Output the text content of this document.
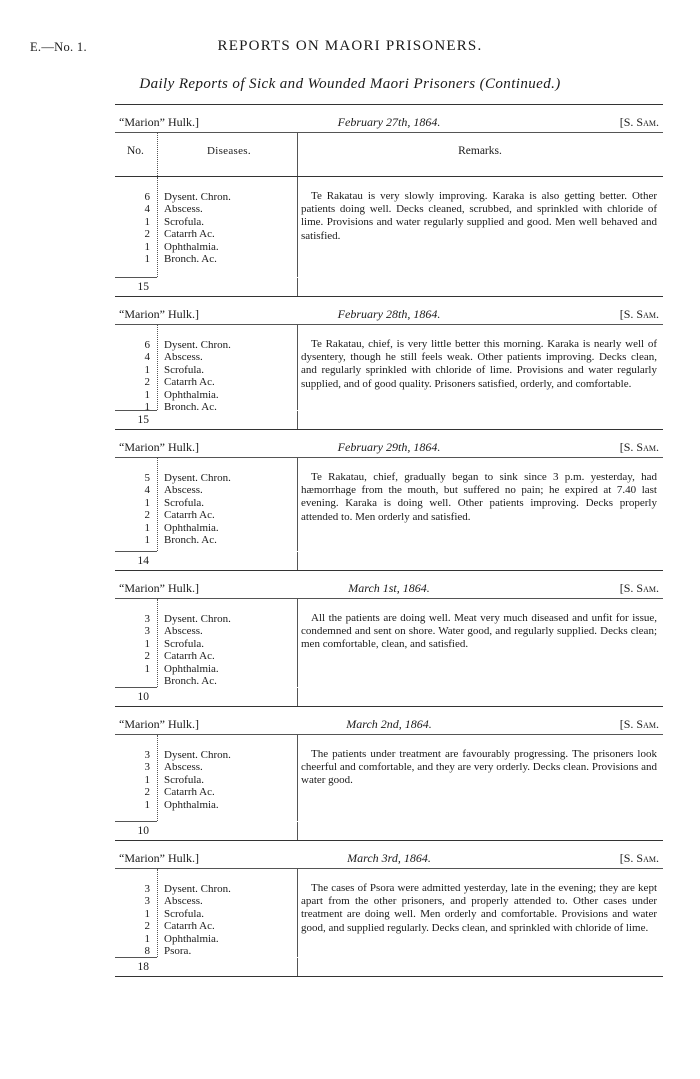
E.—No. 1.	REPORTS ON MAORI PRISONERS.
Daily Reports of Sick and Wounded Maori Prisoners (Continued.)
“Marion” Hulk.]	February 27th, 1864.	[S. Sam.
No.	Diseases.	Remarks.
6 Dysent. Chron.
4 Abscess.
1 Scrofula.
2 Catarrh Ac.
1 Ophthalmia.
1 Bronch. Ac.
Te Rakatau is very slowly improving. Karaka is also getting better. Other patients doing well. Decks cleaned, scrubbed, and sprinkled with chloride of lime. Provisions and water regularly supplied and good. Men well behaved and satisfied.
15
“Marion” Hulk.]	February 28th, 1864.	[S. Sam.
6 Dysent. Chron.
4 Abscess.
1 Scrofula.
2 Catarrh Ac.
1 Ophthalmia.
1 Bronch. Ac.
Te Rakatau, chief, is very little better this morning. Karaka is nearly well of dysentery, though he still feels weak. Other patients improving. Decks clean, and regularly sprinkled with chloride of lime. Provisions and water regularly supplied, and of good quality. Prisoners satisfied, orderly, and comfortable.
15
“Marion” Hulk.]	February 29th, 1864.	[S. Sam.
5 Dysent. Chron.
4 Abscess.
1 Scrofula.
2 Catarrh Ac.
1 Ophthalmia.
1 Bronch. Ac.
Te Rakatau, chief, gradually began to sink since 3 p.m. yesterday, had hæmorrhage from the mouth, but suffered no pain; he expired at 7.40 last evening. Karaka is doing well. Other patients improving. Decks properly attended to. Men orderly and satisfied.
14
“Marion” Hulk.]	March 1st, 1864.	[S. Sam.
3 Dysent. Chron.
3 Abscess.
1 Scrofula.
2 Catarrh Ac.
1 Ophthalmia.
Bronch. Ac.
All the patients are doing well. Meat very much diseased and unfit for issue, condemned and sent on shore. Water good, and regularly supplied. Decks clean; men comfortable, clean, and satisfied.
10
“Marion” Hulk.]	March 2nd, 1864.	[S. Sam.
3 Dysent. Chron.
3 Abscess.
1 Scrofula.
2 Catarrh Ac.
1 Ophthalmia.
The patients under treatment are favourably progressing. The prisoners look cheerful and comfortable, and they are very orderly. Decks clean. Provisions and water good.
10
“Marion” Hulk.]	March 3rd, 1864.	[S. Sam.
3 Dysent. Chron.
3 Abscess.
1 Scrofula.
2 Catarrh Ac.
1 Ophthalmia.
8 Psora.
The cases of Psora were admitted yesterday, late in the evening; they are kept apart from the other prisoners, and properly attended to. Other cases under treatment are doing well. Men orderly and comfortable. Provisions and water good, and supplied regularly. Decks clean, and sprinkled with chloride of lime.
18
